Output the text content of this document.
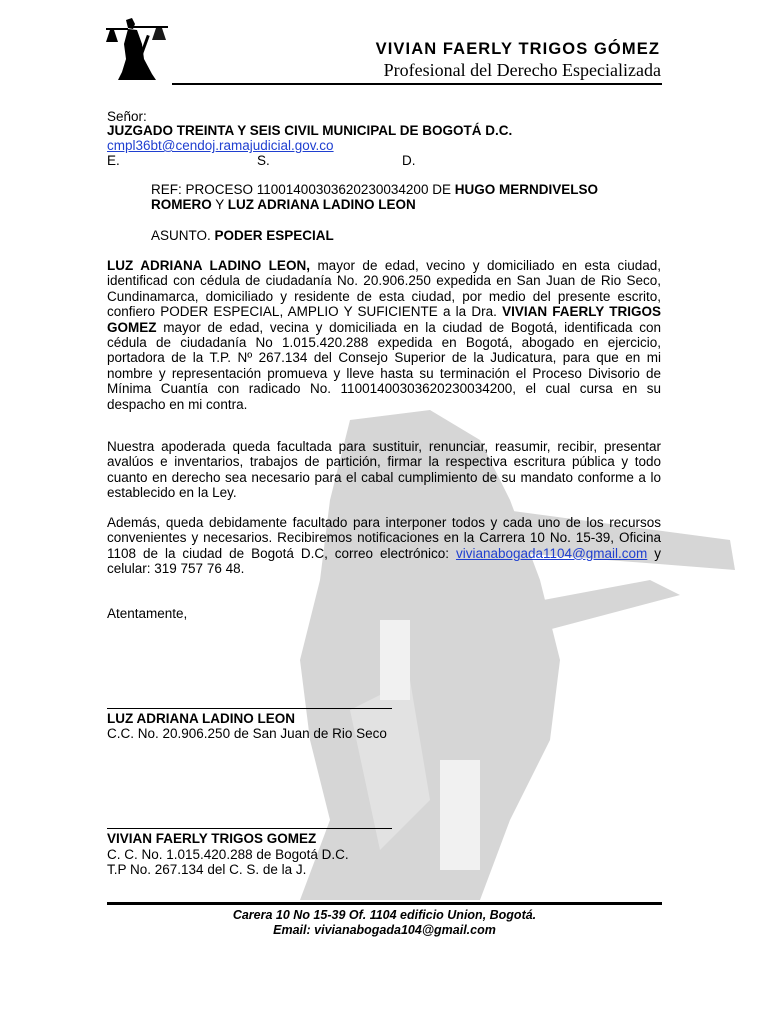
VIVIAN FAERLY TRIGOS GÓMEZ
Profesional del Derecho Especializada
Señor:
JUZGADO TREINTA Y SEIS CIVIL MUNICIPAL DE BOGOTÁ D.C.
cmpl36bt@cendoj.ramajudicial.gov.co
E.	S.	D.
REF: PROCESO 11001400303620230034200 DE HUGO MERNDIVELSO ROMERO Y LUZ ADRIANA LADINO LEON
ASUNTO. PODER ESPECIAL
LUZ ADRIANA LADINO LEON, mayor de edad, vecino y domiciliado en esta ciudad, identificad con cédula de ciudadanía No. 20.906.250 expedida en San Juan de Rio Seco, Cundinamarca, domiciliado y residente de esta ciudad, por medio del presente escrito, confiero PODER ESPECIAL, AMPLIO Y SUFICIENTE a la Dra. VIVIAN FAERLY TRIGOS GOMEZ mayor de edad, vecina y domiciliada en la ciudad de Bogotá, identificada con cédula de ciudadanía No 1.015.420.288 expedida en Bogotá, abogado en ejercicio, portadora de la T.P. Nº 267.134 del Consejo Superior de la Judicatura, para que en mi nombre y representación promueva y lleve hasta su terminación el Proceso Divisorio de Mínima Cuantía con radicado No. 11001400303620230034200, el cual cursa en su despacho en mi contra.
Nuestra apoderada queda facultada para sustituir, renunciar, reasumir, recibir, presentar avalúos e inventarios, trabajos de partición, firmar la respectiva escritura pública y todo cuanto en derecho sea necesario para el cabal cumplimiento de su mandato conforme a lo establecido en la Ley.
Además, queda debidamente facultado para interponer todos y cada uno de los recursos convenientes y necesarios. Recibiremos notificaciones en la Carrera 10 No. 15-39, Oficina 1108 de la ciudad de Bogotá D.C, correo electrónico: vivianabogada1104@gmail.com y celular: 319 757 76 48.
Atentamente,
LUZ ADRIANA LADINO LEON
C.C. No. 20.906.250 de San Juan de Rio Seco
VIVIAN FAERLY TRIGOS GOMEZ
C. C. No. 1.015.420.288 de Bogotá D.C.
T.P No. 267.134 del C. S. de la J.
Carera 10 No 15-39 Of. 1104 edificio Union, Bogotá.
Email: vivianabogada104@gmail.com
